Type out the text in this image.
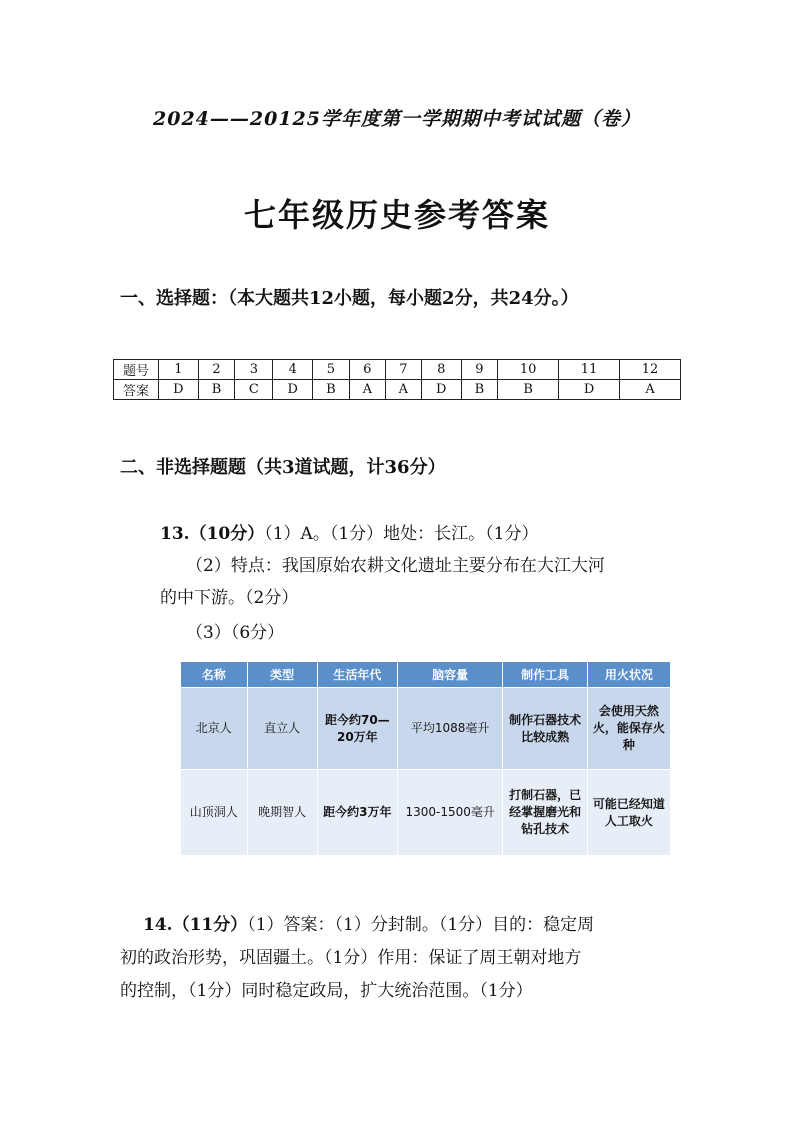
2024——20125学年度第一学期期中考试试题（卷）
七年级历史参考答案
一、选择题：（本大题共12小题，每小题2分，共24分。）
题号	1	2	3	4	5	6	7	8	9	10	11	12
答案	D	B	C	D	B	A	A	D	B	B	D	A
二、非选择题题（共3道试题，计36分）
13.（10分）（1）A。（1分）地处：长江。（1分）
（2）特点：我国原始农耕文化遗址主要分布在大江大河
的中下游。（2分）
（3）（6分）
名称	类型	生活年代	脑容量	制作工具	用火状况
北京人	直立人	距今约70—20万年	平均1088毫升	制作石器技术比较成熟	会使用天然火，能保存火种
山顶洞人	晚期智人	距今约3万年	1300-1500毫升	打制石器，已经掌握磨光和钻孔技术	可能已经知道人工取火
14.（11分）（1）答案：（1）分封制。（1分）目的：稳定周
初的政治形势，巩固疆土。（1分）作用：保证了周王朝对地方
的控制，（1分）同时稳定政局，扩大统治范围。（1分）
